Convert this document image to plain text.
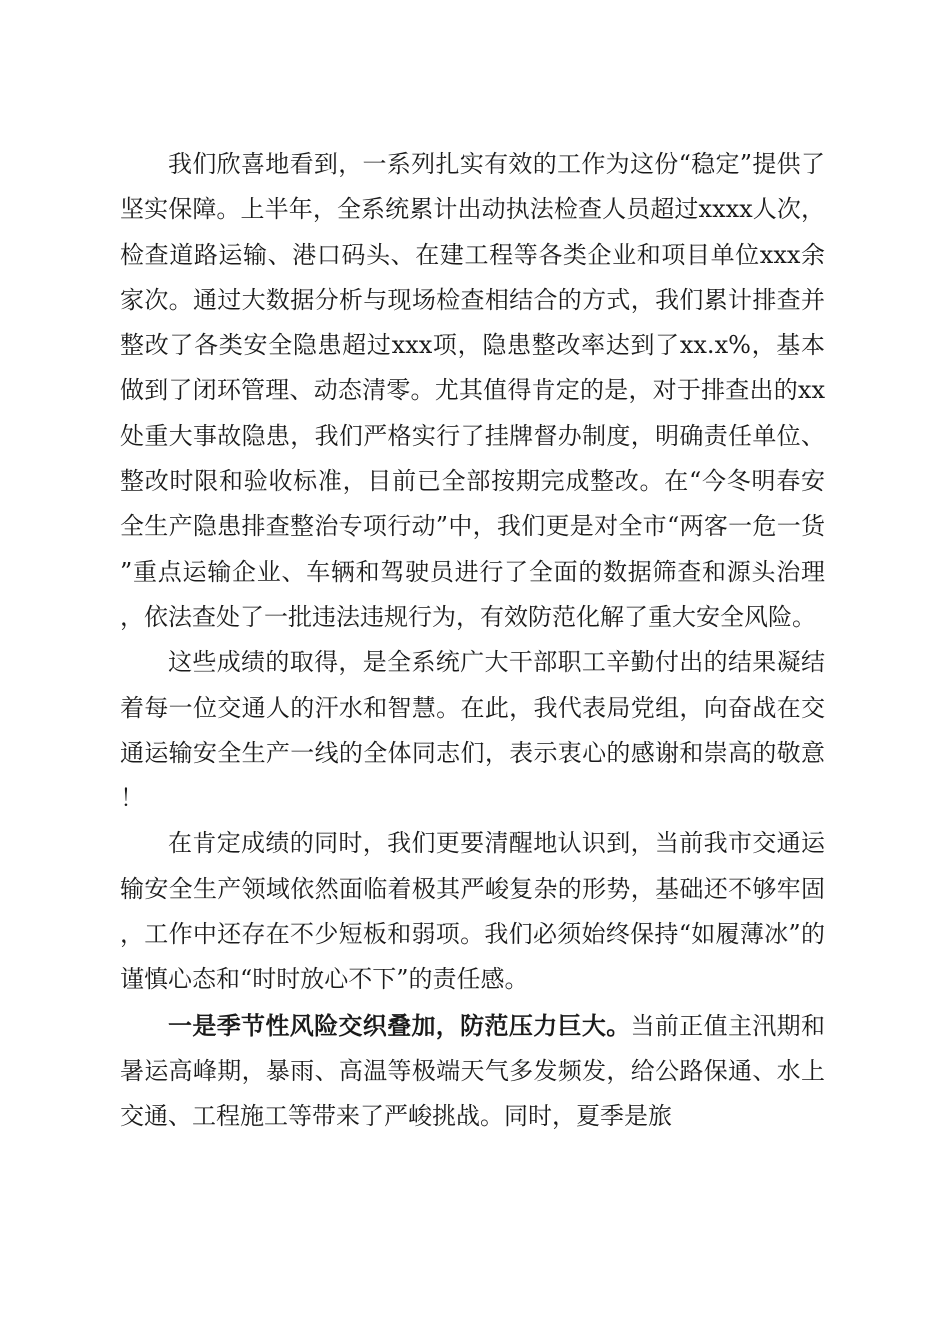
我们欣喜地看到，一系列扎实有效的工作为这份“稳定”提供了坚实保障。上半年，全系统累计出动执法检查人员超过xxxx人次，检查道路运输、港口码头、在建工程等各类企业和项目单位xxx余家次。通过大数据分析与现场检查相结合的方式，我们累计排查并整改了各类安全隐患超过xxx项，隐患整改率达到了xx.x%，基本做到了闭环管理、动态清零。尤其值得肯定的是，对于排查出的xx处重大事故隐患，我们严格实行了挂牌督办制度，明确责任单位、整改时限和验收标准，目前已全部按期完成整改。在“今冬明春安全生产隐患排查整治专项行动”中，我们更是对全市“两客一危一货”重点运输企业、车辆和驾驶员进行了全面的数据筛查和源头治理，依法查处了一批违法违规行为，有效防范化解了重大安全风险。

这些成绩的取得，是全系统广大干部职工辛勤付出的结果凝结着每一位交通人的汗水和智慧。在此，我代表局党组，向奋战在交通运输安全生产一线的全体同志们，表示衷心的感谢和崇高的敬意！

在肯定成绩的同时，我们更要清醒地认识到，当前我市交通运输安全生产领域依然面临着极其严峻复杂的形势，基础还不够牢固，工作中还存在不少短板和弱项。我们必须始终保持“如履薄冰”的谨慎心态和“时时放心不下”的责任感。

一是季节性风险交织叠加，防范压力巨大。当前正值主汛期和暑运高峰期，暴雨、高温等极端天气多发频发，给公路保通、水上交通、工程施工等带来了严峻挑战。同时，夏季是旅
